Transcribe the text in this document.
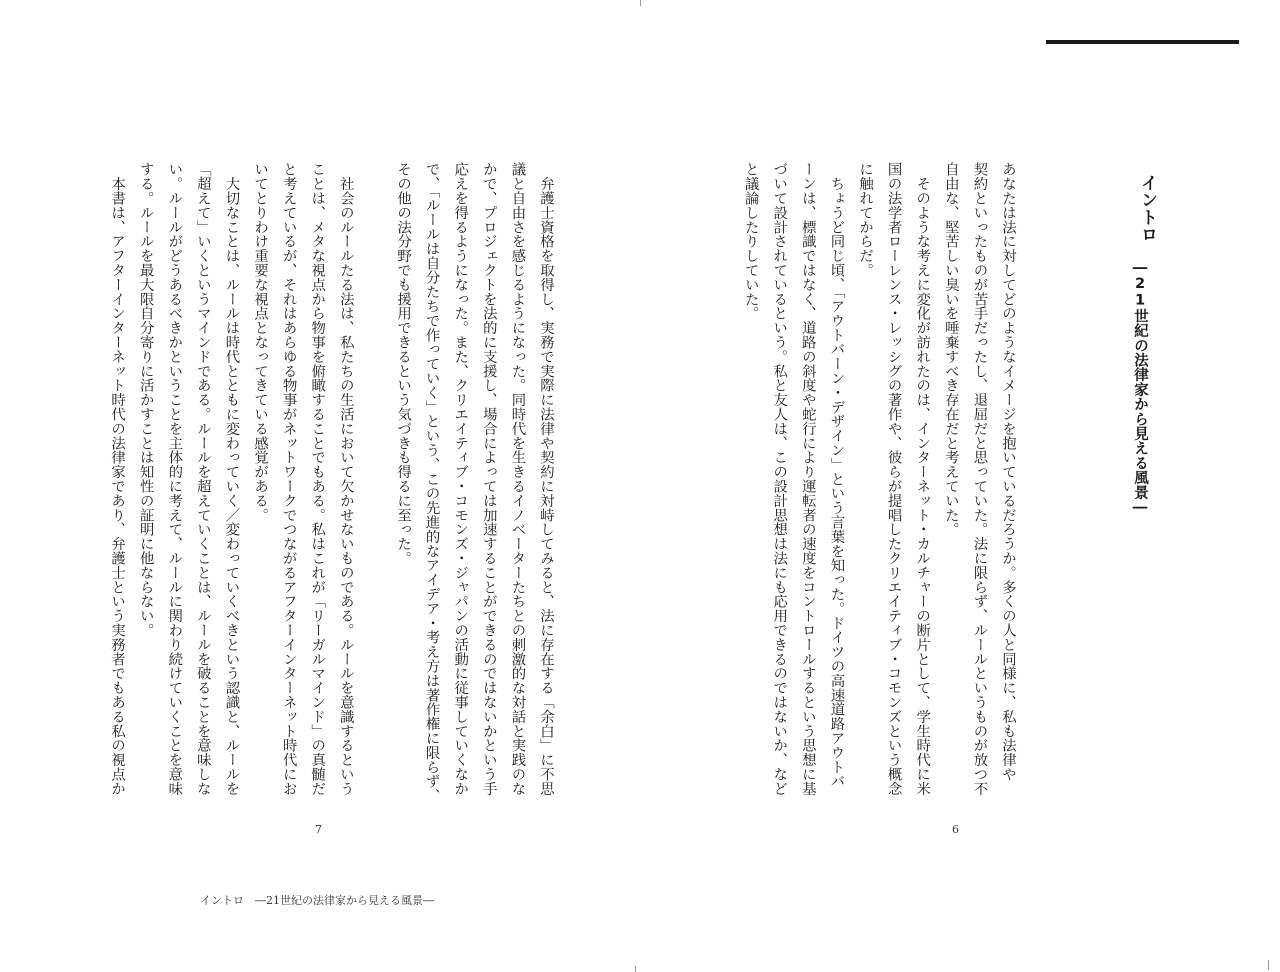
イントロ
―21世紀の法律家から見える風景―
あなたは法に対してどのようなイメージを抱いているだろうか。多くの人と同様に、私も法律や
契約といったものが苦手だったし、退屈だと思っていた。法に限らず、ルールというものが放つ不
自由な、堅苦しい臭いを唾棄すべき存在だと考えていた。
　そのような考えに変化が訪れたのは、インターネット・カルチャーの断片として、学生時代に米
国の法学者ローレンス・レッシグの著作や、彼らが提唱したクリエイティブ・コモンズという概念
に触れてからだ。
　ちょうど同じ頃、「アウトバーン・デザイン」という言葉を知った。ドイツの高速道路アウトバ
ーンは、標識ではなく、道路の斜度や蛇行により運転者の速度をコントロールするという思想に基
づいて設計されているという。私と友人は、この設計思想は法にも応用できるのではないか、など
と議論したりしていた。
　弁護士資格を取得し、実務で実際に法律や契約に対峙してみると、法に存在する「余白」に不思
議と自由さを感じるようになった。同時代を生きるイノベーターたちとの刺激的な対話と実践のな
かで、プロジェクトを法的に支援し、場合によっては加速することができるのではないかという手
応えを得るようになった。また、クリエイティブ・コモンズ・ジャパンの活動に従事していくなか
で、「ルールは自分たちで作っていく」という、この先進的なアイデア・考え方は著作権に限らず、
その他の法分野でも援用できるという気づきも得るに至った。

　社会のルールたる法は、私たちの生活において欠かせないものである。ルールを意識するという
ことは、メタな視点から物事を俯瞰することでもある。私はこれが「リーガルマインド」の真髄だ
と考えているが、それはあらゆる物事がネットワークでつながるアフターインターネット時代にお
いてとりわけ重要な視点となってきている感覚がある。
　大切なことは、ルールは時代とともに変わっていく／変わっていくべきという認識と、ルールを
「超えて」いくというマインドである。ルールを超えていくことは、ルールを破ることを意味しな
い。ルールがどうあるべきかということを主体的に考えて、ルールに関わり続けていくことを意味
する。ルールを最大限自分寄りに活かすことは知性の証明に他ならない。
　本書は、アフターインターネット時代の法律家であり、弁護士という実務者でもある私の視点か
6
7
イントロ　―21世紀の法律家から見える風景―
